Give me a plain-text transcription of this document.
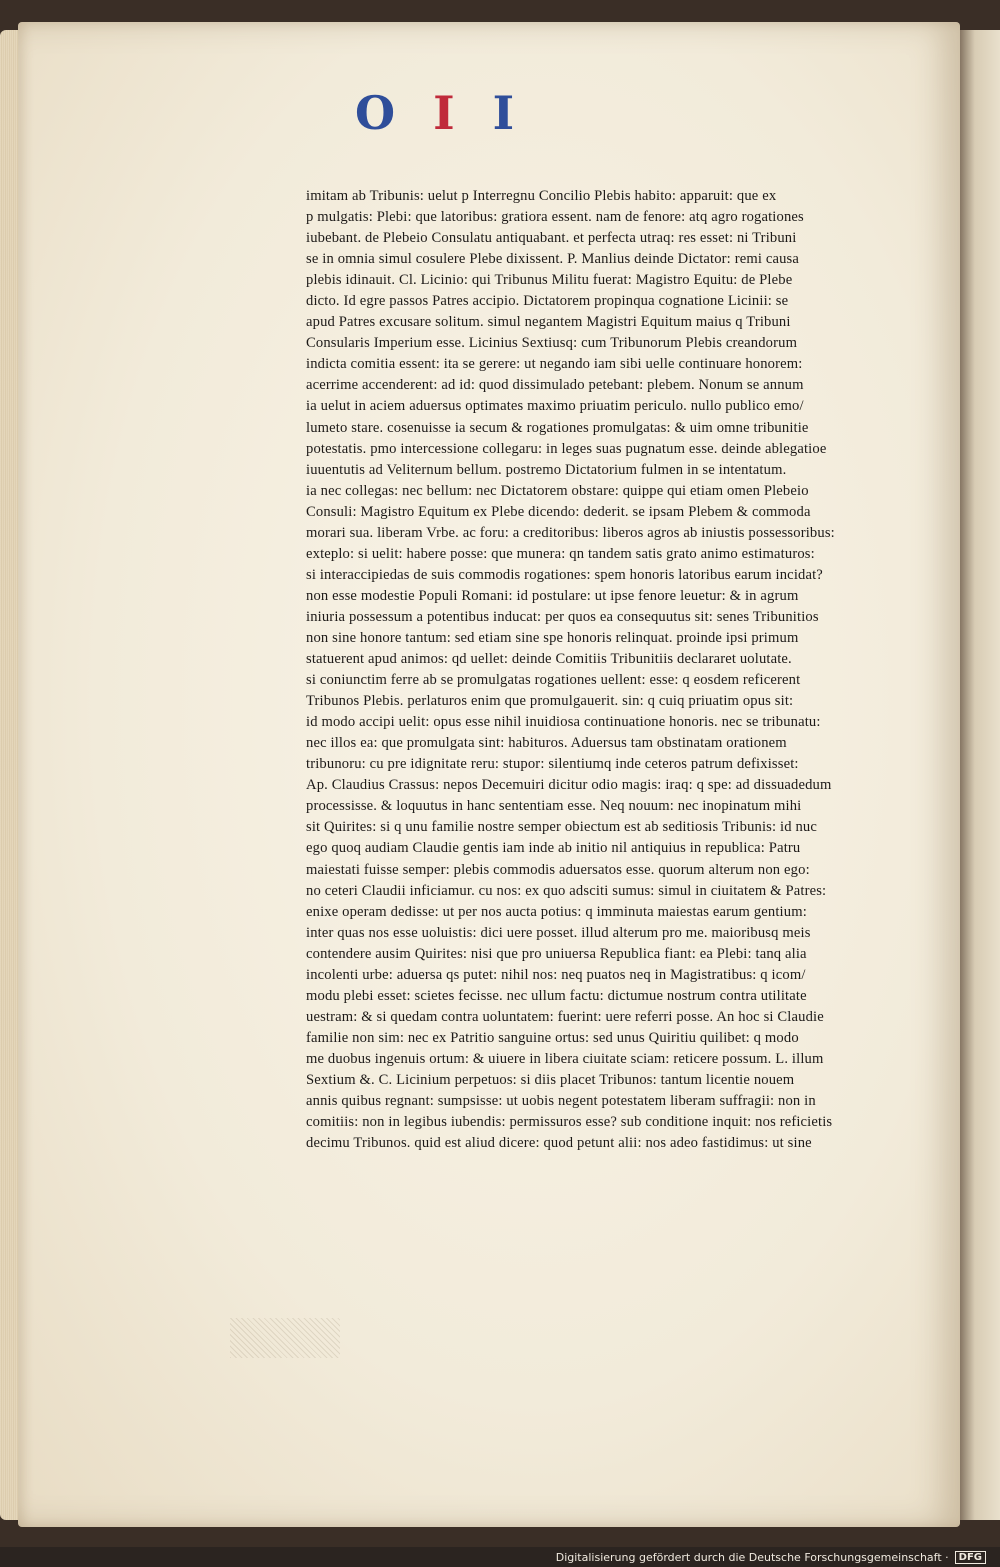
O I I
imitam ab Tribunis: uelut p Interregnu Concilio Plebis habito: apparuit: que ex
p mulgatis: Plebi: que latoribus: gratiora essent. nam de fenore: atq agro rogationes
iubebant. de Plebeio Consulatu antiquabant. et perfecta utraq: res esset: ni Tribuni
se in omnia simul cosulere Plebe dixissent. P. Manlius deinde Dictator: remi causa
plebis idinauit. Cl. Licinio: qui Tribunus Militu fuerat: Magistro Equitu: de Plebe
dicto. Id egre passos Patres accipio. Dictatorem propinqua cognatione Licinii: se
apud Patres excusare solitum. simul negantem Magistri Equitum maius q Tribuni
Consularis Imperium esse. Licinius Sextiusq: cum Tribunorum Plebis creandorum
indicta comitia essent: ita se gerere: ut negando iam sibi uelle continuare honorem:
acerrime accenderent: ad id: quod dissimulado petebant: plebem. Nonum se annum
ia uelut in aciem aduersus optimates maximo priuatim periculo. nullo publico emo/
lumeto stare. cosenuisse ia secum & rogationes promulgatas: & uim omne tribunitie
potestatis. pmo intercessione collegaru: in leges suas pugnatum esse. deinde ablegatioe
iuuentutis ad Veliternum bellum. postremo Dictatorium fulmen in se intentatum.
ia nec collegas: nec bellum: nec Dictatorem obstare: quippe qui etiam omen Plebeio
Consuli: Magistro Equitum ex Plebe dicendo: dederit. se ipsam Plebem & commoda
morari sua. liberam Vrbe. ac foru: a creditoribus: liberos agros ab iniustis possessoribus:
exteplo: si uelit: habere posse: que munera: qn tandem satis grato animo estimaturos:
si interaccipiedas de suis commodis rogationes: spem honoris latoribus earum incidat?
non esse modestie Populi Romani: id postulare: ut ipse fenore leuetur: & in agrum
iniuria possessum a potentibus inducat: per quos ea consequutus sit: senes Tribunitios
non sine honore tantum: sed etiam sine spe honoris relinquat. proinde ipsi primum
statuerent apud animos: qd uellet: deinde Comitiis Tribunitiis declararet uolutate.
si coniunctim ferre ab se promulgatas rogationes uellent: esse: q eosdem reficerent
Tribunos Plebis. perlaturos enim que promulgauerit. sin: q cuiq priuatim opus sit:
id modo accipi uelit: opus esse nihil inuidiosa continuatione honoris. nec se tribunatu:
nec illos ea: que promulgata sint: habituros. Aduersus tam obstinatam orationem
tribunoru: cu pre idignitate reru: stupor: silentiumq inde ceteros patrum defixisset:
Ap. Claudius Crassus: nepos Decemuiri dicitur odio magis: iraq: q spe: ad dissuadedum
processisse. & loquutus in hanc sententiam esse. Neq nouum: nec inopinatum mihi
sit Quirites: si q unu familie nostre semper obiectum est ab seditiosis Tribunis: id nuc
ego quoq audiam Claudie gentis iam inde ab initio nil antiquius in republica: Patru
maiestati fuisse semper: plebis commodis aduersatos esse. quorum alterum non ego:
no ceteri Claudii inficiamur. cu nos: ex quo adsciti sumus: simul in ciuitatem & Patres:
enixe operam dedisse: ut per nos aucta potius: q imminuta maiestas earum gentium:
inter quas nos esse uoluistis: dici uere posset. illud alterum pro me. maioribusq meis
contendere ausim Quirites: nisi que pro uniuersa Republica fiant: ea Plebi: tanq alia
incolenti urbe: aduersa qs putet: nihil nos: neq puatos neq in Magistratibus: q icom/
modu plebi esset: scietes fecisse. nec ullum factu: dictumue nostrum contra utilitate
uestram: & si quedam contra uoluntatem: fuerint: uere referri posse. An hoc si Claudie
familie non sim: nec ex Patritio sanguine ortus: sed unus Quiritiu quilibet: q modo
me duobus ingenuis ortum: & uiuere in libera ciuitate sciam: reticere possum. L. illum
Sextium &. C. Licinium perpetuos: si diis placet Tribunos: tantum licentie nouem
annis quibus regnant: sumpsisse: ut uobis negent potestatem liberam suffragii: non in
comitiis: non in legibus iubendis: permissuros esse? sub conditione inquit: nos reficietis
decimu Tribunos. quid est aliud dicere: quod petunt alii: nos adeo fastidimus: ut sine
Digitalisierung gefördert durch die Deutsche Forschungsgemeinschaft ·	DFG
